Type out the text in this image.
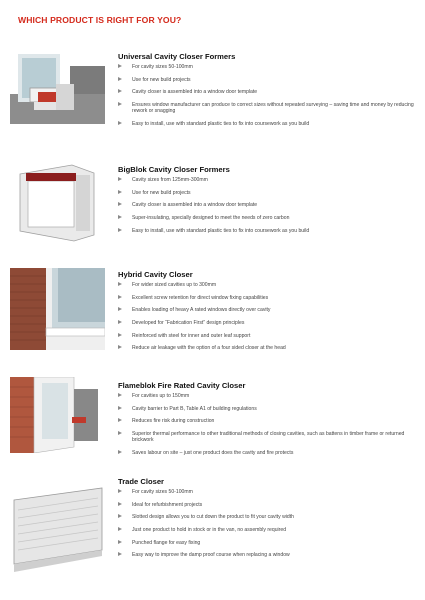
WHICH PRODUCT IS RIGHT FOR YOU?
Universal Cavity Closer Formers
For cavity sizes 50-100mm
Use for new build projects
Cavity closer is assembled into a window door template
Ensures window manufacturer can produce to correct sizes without repeated surveying – saving time and money by reducing rework or snagging
Easy to install, use with standard plastic ties to fix into coursework as you build
BigBlok Cavity Closer Formers
Cavity sizes from 125mm-300mm
Use for new build projects
Cavity closer is assembled into a window door template
Super-insulating, specially designed to meet the needs of zero carbon
Easy to install, use with standard plastic ties to fix into coursework as you build
Hybrid Cavity Closer
For wider sized cavities up to 300mm
Excellent screw retention for direct window fixing capabilities
Enables loading of heavy A rated windows directly over cavity
Developed for “Fabrication First” design principles
Reinforced with steel for inner and outer leaf support
Reduce air leakage with the option of a four sided closer at the head
Flameblok Fire Rated Cavity Closer
For cavities up to 150mm
Cavity barrier to Part B, Table A1 of building regulations
Reduces fire risk during construction
Superior thermal performance to other traditional methods of closing cavities, such as battens in timber frame or returned brickwork
Saves labour on site – just one product does the cavity and fire protects
Trade Closer
For cavity sizes 50-100mm
Ideal for refurbishment projects
Slotted design allows you to cut down the product to fit your cavity width
Just one product to hold in stock or in the van, no assembly required
Punched flange for easy fixing
Easy way to improve the damp proof course when replacing a window
